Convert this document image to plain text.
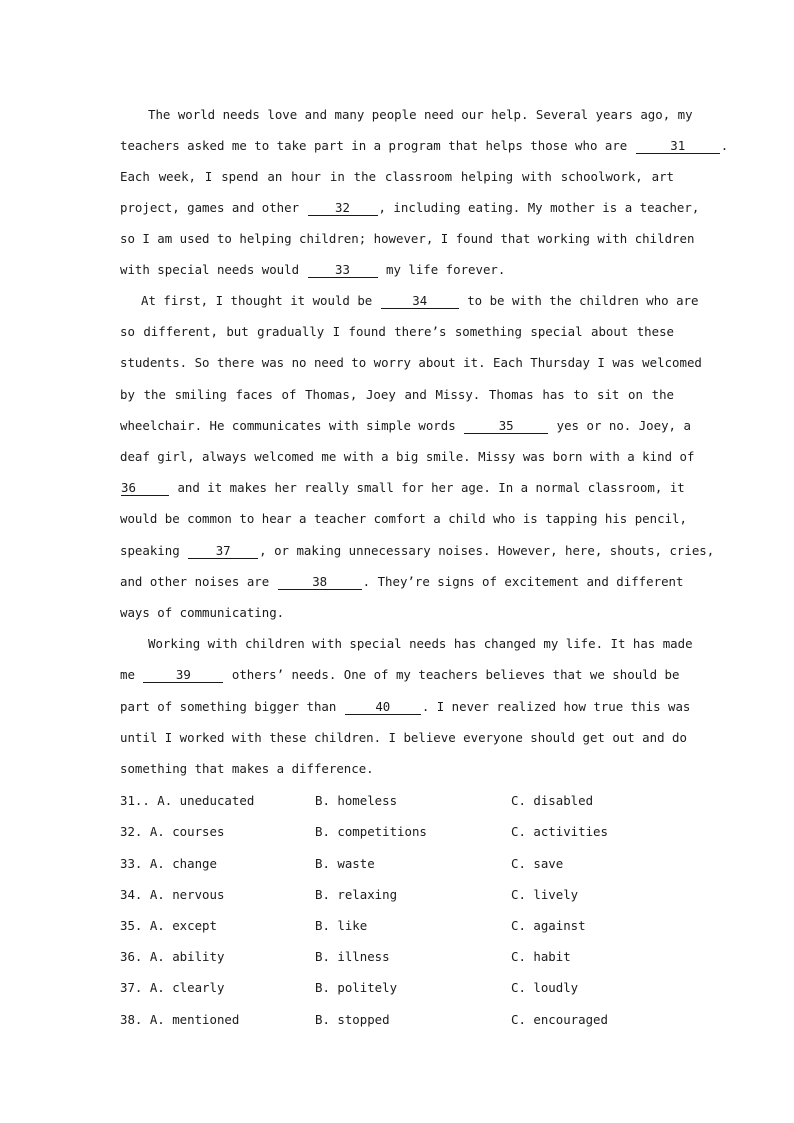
The world needs love and many people need our help. Several years ago, my
teachers asked me to take part in a program that helps those who are	31	.
Each week, I spend an hour in the classroom helping with schoolwork, art
project, games and other	32 , including eating. My mother is a teacher,
so I am used to helping children; however, I found that working with children
with special needs would	33	my life forever.
At first, I thought it would be	34	to be with the children who are
so different, but gradually I found there’s something special about these
students. So there was no need to worry about it. Each Thursday I was welcomed
by the smiling faces of Thomas, Joey and Missy. Thomas has to sit on the
wheelchair. He communicates with simple words	35	yes or no. Joey, a
deaf girl, always welcomed me with a big smile. Missy was born with a kind of
36	and it makes her really small for her age. In a normal classroom, it
would be common to hear a teacher comfort a child who is tapping his pencil,
speaking	37 , or making unnecessary noises. However, here, shouts, cries,
and other noises are	38	. They’re signs of excitement and different
ways of communicating.
Working with children with special needs has changed my life. It has made
me	39	others’ needs. One of my teachers believes that we should be
part of something bigger than	40	. I never realized how true this was
until I worked with these children. I believe everyone should get out and do
something that makes a difference.
31.. A. uneducated	B. homeless	C. disabled
32. A. courses	B. competitions	C. activities
33. A. change	B. waste	C. save
34. A. nervous	B. relaxing	C. lively
35. A. except	B. like	C. against
36. A. ability	B. illness	C. habit
37. A. clearly	B. politely	C. loudly
38. A. mentioned	B. stopped	C. encouraged
